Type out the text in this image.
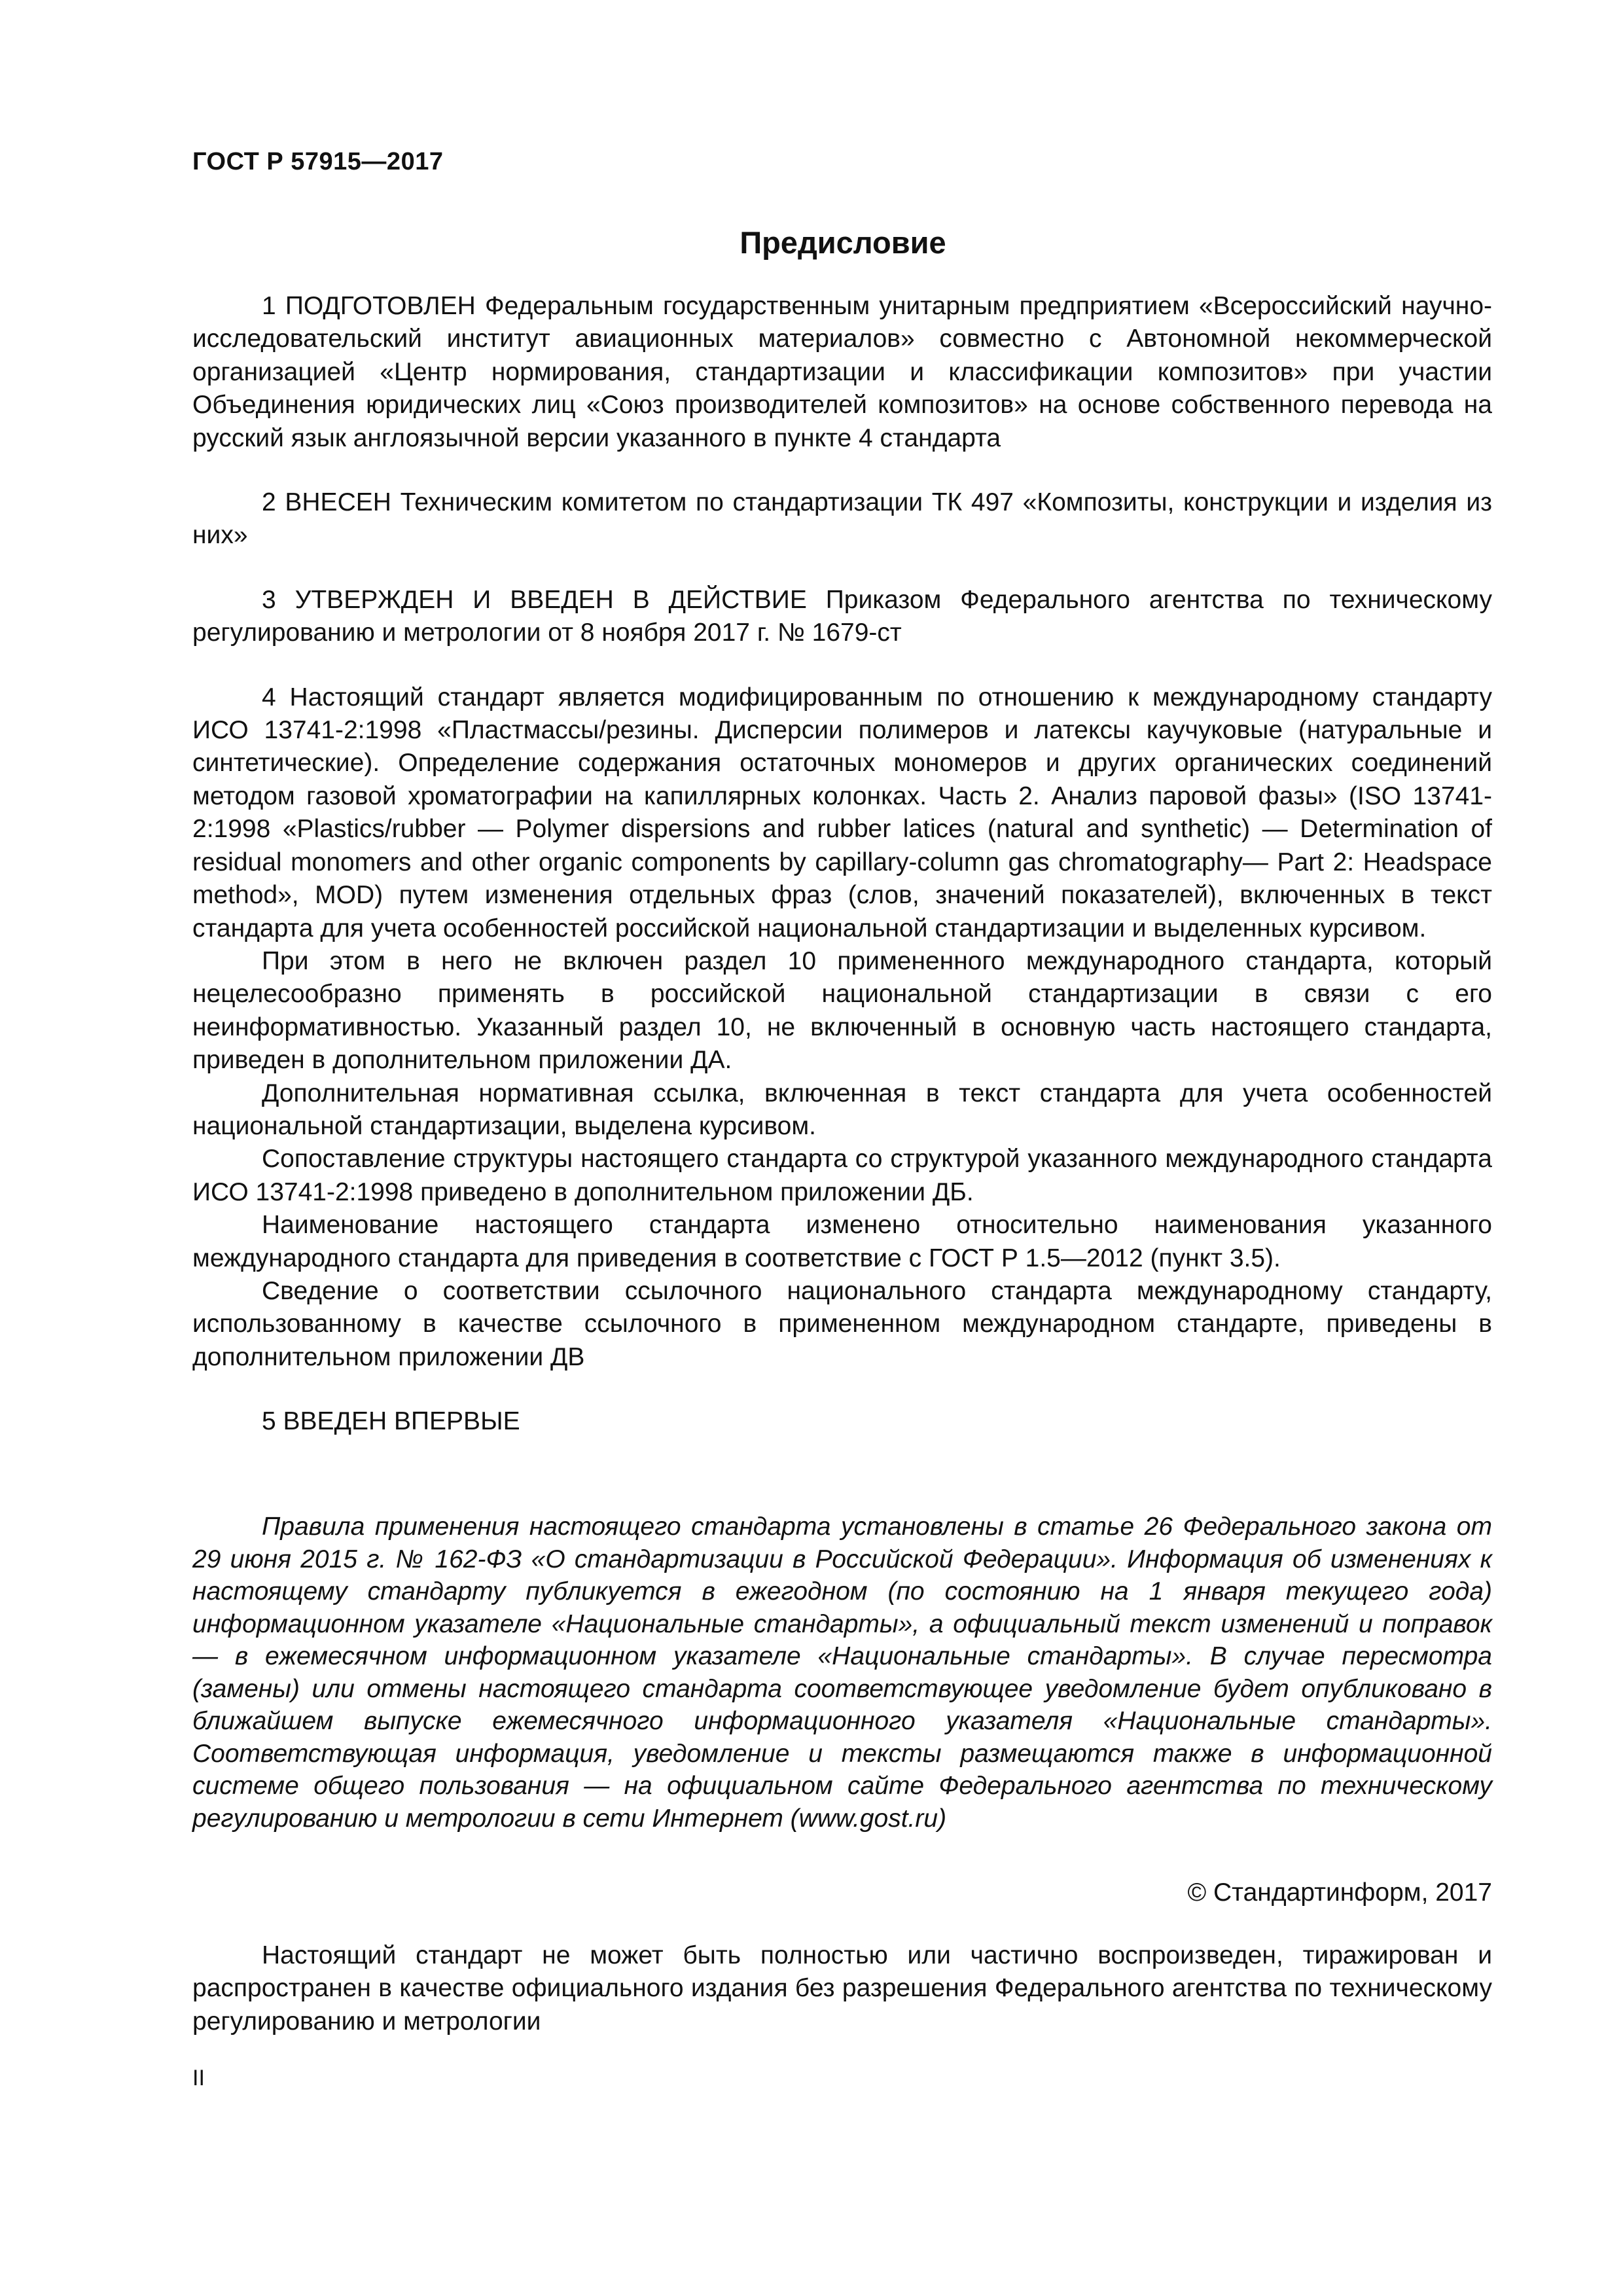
ГОСТ Р 57915—2017
Предисловие

1 ПОДГОТОВЛЕН Федеральным государственным унитарным предприятием «Всероссийский научно-исследовательский институт авиационных материалов» совместно с Автономной некоммерческой организацией «Центр нормирования, стандартизации и классификации композитов» при участии Объединения юридических лиц «Союз производителей композитов» на основе собственного перевода на русский язык англоязычной версии указанного в пункте 4 стандарта

2 ВНЕСЕН Техническим комитетом по стандартизации ТК 497 «Композиты, конструкции и изделия из них»

3 УТВЕРЖДЕН И ВВЕДЕН В ДЕЙСТВИЕ Приказом Федерального агентства по техническому регулированию и метрологии от 8 ноября 2017 г. № 1679-ст

4 Настоящий стандарт является модифицированным по отношению к международному стандарту ИСО 13741-2:1998 «Пластмассы/резины. Дисперсии полимеров и латексы каучуковые (натуральные и синтетические). Определение содержания остаточных мономеров и других органических соединений методом газовой хроматографии на капиллярных колонках. Часть 2. Анализ паровой фазы» (ISO 13741-2:1998 «Plastics/rubber — Polymer dispersions and rubber latices (natural and synthetic) — Determination of residual monomers and other organic components by capillary-column gas chromatography— Part 2: Headspace method», MOD) путем изменения отдельных фраз (слов, значений показателей), включенных в текст стандарта для учета особенностей российской национальной стандартизации и выделенных курсивом.

При этом в него не включен раздел 10 примененного международного стандарта, который нецелесообразно применять в российской национальной стандартизации в связи с его неинформативностью. Указанный раздел 10, не включенный в основную часть настоящего стандарта, приведен в дополнительном приложении ДА.

Дополнительная нормативная ссылка, включенная в текст стандарта для учета особенностей национальной стандартизации, выделена курсивом.

Сопоставление структуры настоящего стандарта со структурой указанного международного стандарта ИСО 13741-2:1998 приведено в дополнительном приложении ДБ.

Наименование настоящего стандарта изменено относительно наименования указанного международного стандарта для приведения в соответствие с ГОСТ Р 1.5—2012 (пункт 3.5).

Сведение о соответствии ссылочного национального стандарта международному стандарту, использованному в качестве ссылочного в примененном международном стандарте, приведены в дополнительном приложении ДВ

5 ВВЕДЕН ВПЕРВЫЕ

Правила применения настоящего стандарта установлены в статье 26 Федерального закона от 29 июня 2015 г. № 162-ФЗ «О стандартизации в Российской Федерации». Информация об изменениях к настоящему стандарту публикуется в ежегодном (по состоянию на 1 января текущего года) информационном указателе «Национальные стандарты», а официальный текст изменений и поправок — в ежемесячном информационном указателе «Национальные стандарты». В случае пересмотра (замены) или отмены настоящего стандарта соответствующее уведомление будет опубликовано в ближайшем выпуске ежемесячного информационного указателя «Национальные стандарты». Соответствующая информация, уведомление и тексты размещаются также в информационной системе общего пользования — на официальном сайте Федерального агентства по техническому регулированию и метрологии в сети Интернет (www.gost.ru)

© Стандартинформ, 2017

Настоящий стандарт не может быть полностью или частично воспроизведен, тиражирован и распространен в качестве официального издания без разрешения Федерального агентства по техническому регулированию и метрологии

II
